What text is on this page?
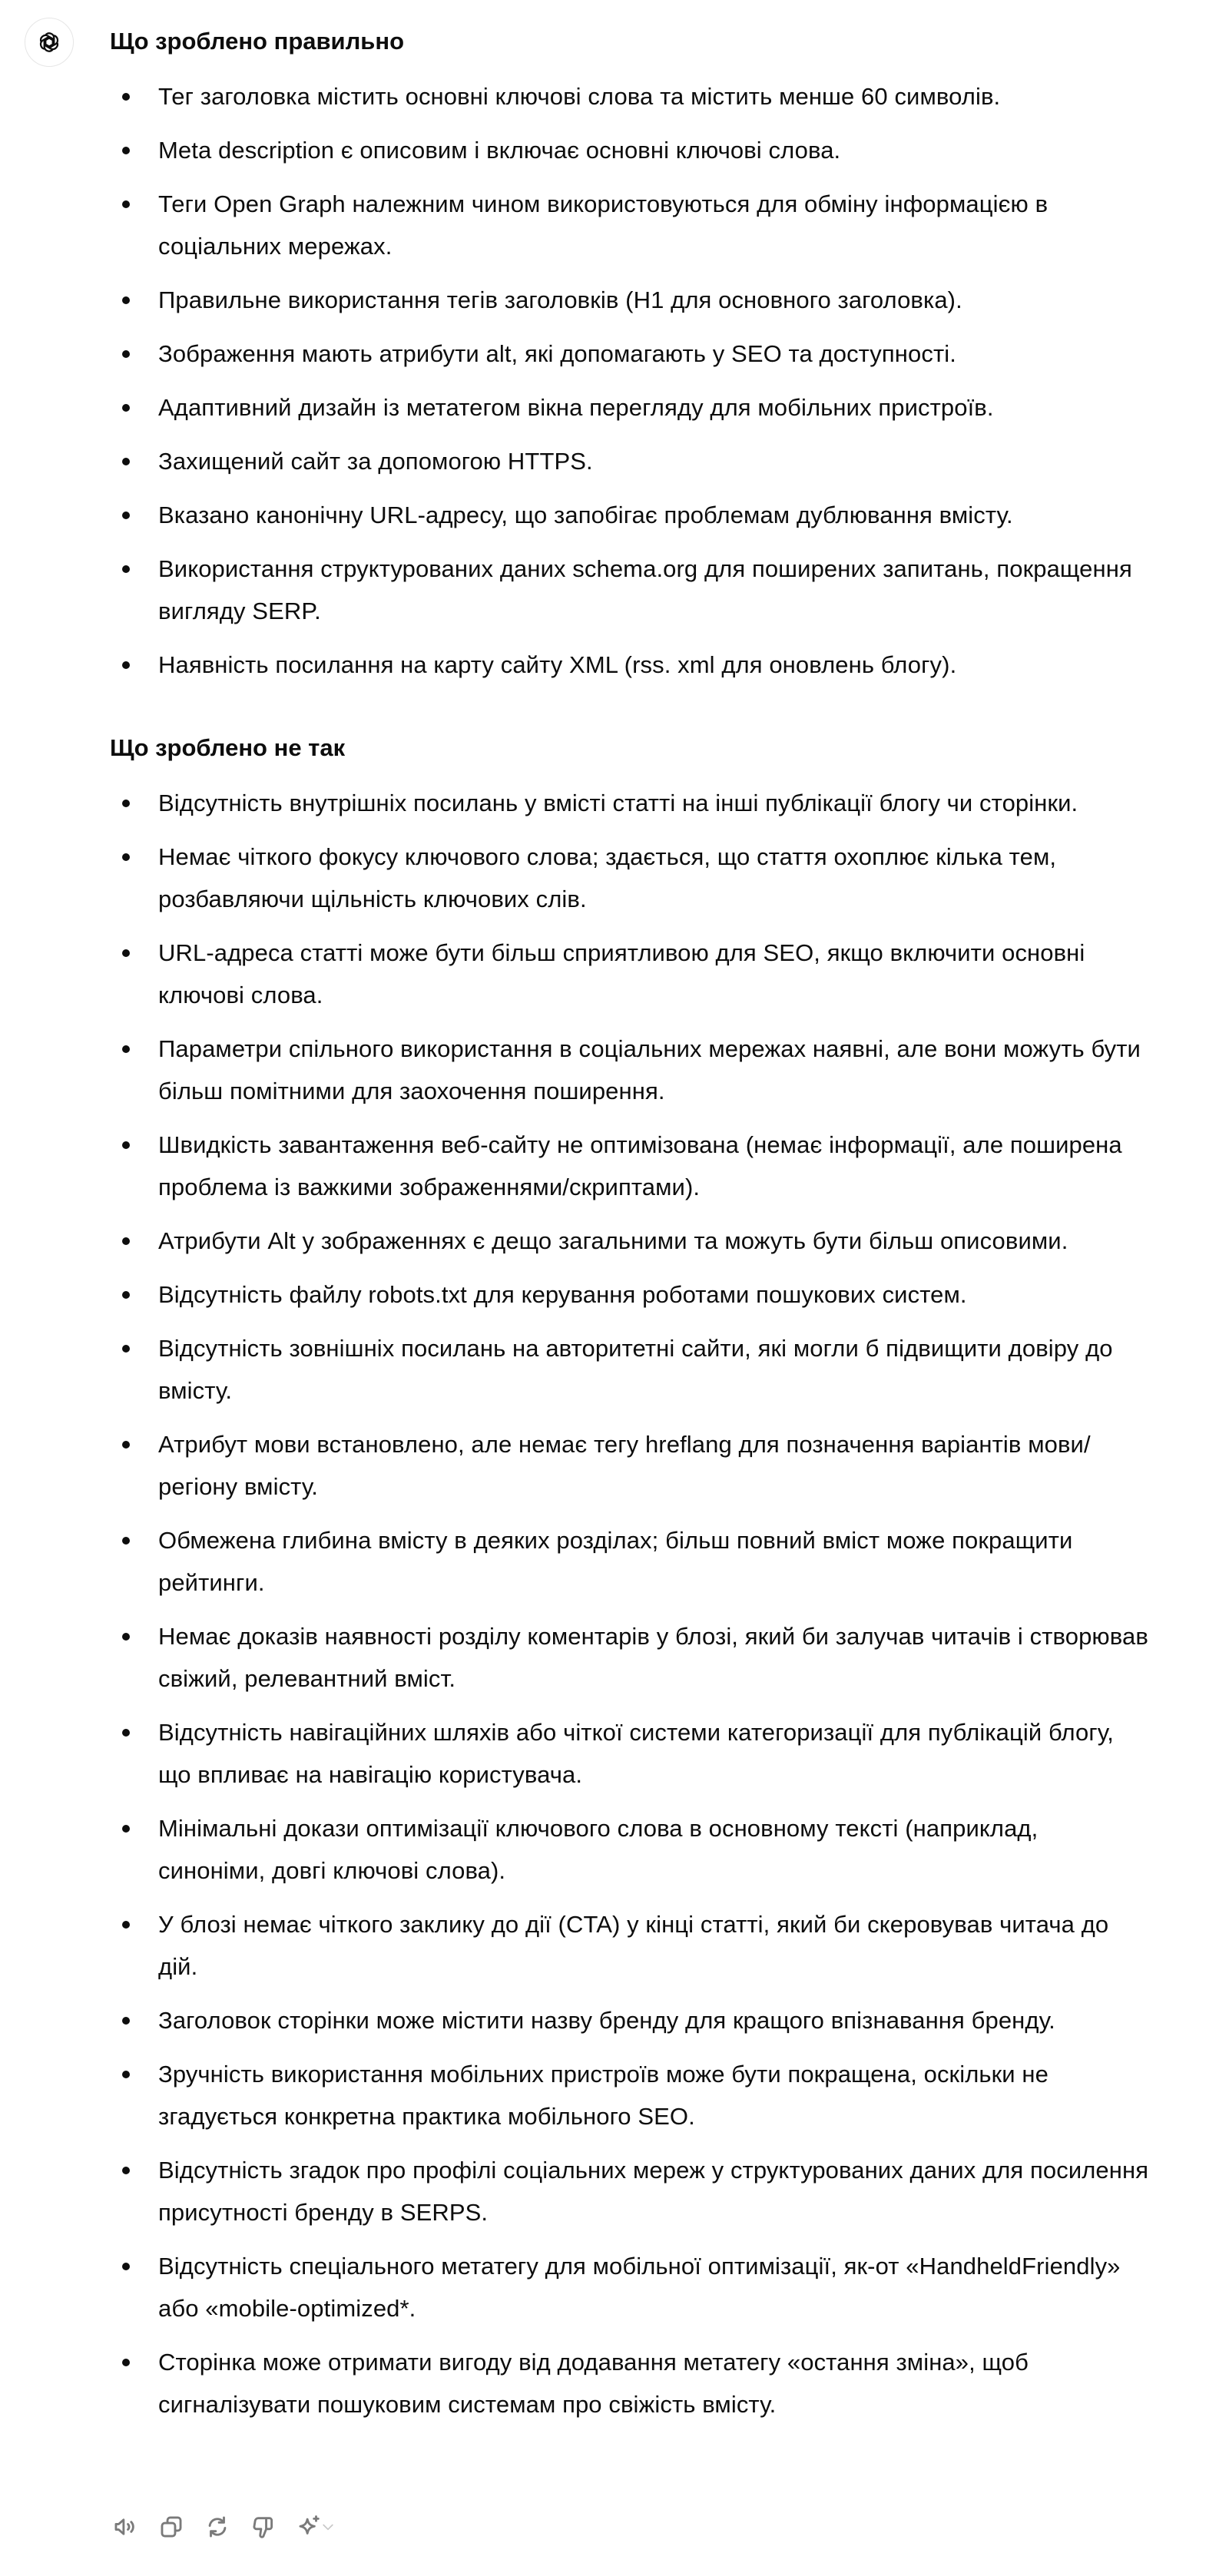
Що зроблено правильно
Тег заголовка містить основні ключові слова та містить менше 60 символів.
Meta description є описовим і включає основні ключові слова.
Теги Open Graph належним чином використовуються для обміну інформацією в
соціальних мережах.
Правильне використання тегів заголовків (H1 для основного заголовка).
Зображення мають атрибути alt, які допомагають у SEO та доступності.
Адаптивний дизайн із метатегом вікна перегляду для мобільних пристроїв.
Захищений сайт за допомогою HTTPS.
Вказано канонічну URL-адресу, що запобігає проблемам дублювання вмісту.
Використання структурованих даних schema.org для поширених запитань, покращення
вигляду SERP.
Наявність посилання на карту сайту XML (rss. xml для оновлень блогу).
Що зроблено не так
Відсутність внутрішніх посилань у вмісті статті на інші публікації блогу чи сторінки.
Немає чіткого фокусу ключового слова; здається, що стаття охоплює кілька тем,
розбавляючи щільність ключових слів.
URL-адреса статті може бути більш сприятливою для SEO, якщо включити основні
ключові слова.
Параметри спільного використання в соціальних мережах наявні, але вони можуть бути
більш помітними для заохочення поширення.
Швидкість завантаження веб-сайту не оптимізована (немає інформації, але поширена
проблема із важкими зображеннями/скриптами).
Атрибути Alt у зображеннях є дещо загальними та можуть бути більш описовими.
Відсутність файлу robots.txt для керування роботами пошукових систем.
Відсутність зовнішніх посилань на авторитетні сайти, які могли б підвищити довіру до
вмісту.
Атрибут мови встановлено, але немає тегу hreflang для позначення варіантів мови/
регіону вмісту.
Обмежена глибина вмісту в деяких розділах; більш повний вміст може покращити
рейтинги.
Немає доказів наявності розділу коментарів у блозі, який би залучав читачів і створював
свіжий, релевантний вміст.
Відсутність навігаційних шляхів або чіткої системи категоризації для публікацій блогу,
що впливає на навігацію користувача.
Мінімальні докази оптимізації ключового слова в основному тексті (наприклад,
синоніми, довгі ключові слова).
У блозі немає чіткого заклику до дії (CTA) у кінці статті, який би скеровував читача до
дій.
Заголовок сторінки може містити назву бренду для кращого впізнавання бренду.
Зручність використання мобільних пристроїв може бути покращена, оскільки не
згадується конкретна практика мобільного SEO.
Відсутність згадок про профілі соціальних мереж у структурованих даних для посилення
присутності бренду в SERPS.
Відсутність спеціального метатегу для мобільної оптимізації, як-от «HandheldFriendly»
або «mobile-optimized*.
Сторінка може отримати вигоду від додавання метатегу «остання зміна», щоб
сигналізувати пошуковим системам про свіжість вмісту.
